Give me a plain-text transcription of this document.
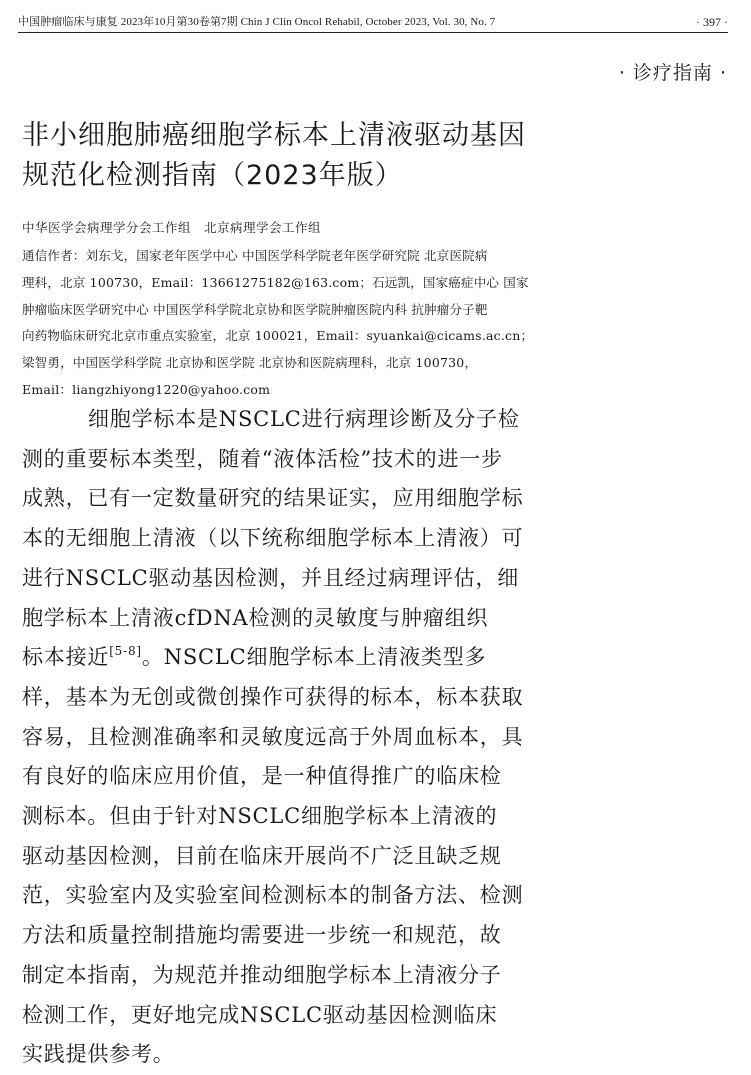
中国肿瘤临床与康复 2023年10月第30卷第7期 Chin J Clin Oncol Rehabil, October 2023, Vol. 30, No. 7	· 397 ·
· 诊疗指南 ·
非小细胞肺癌细胞学标本上清液驱动基因
规范化检测指南（2023年版）
中华医学会病理学分会工作组　北京病理学会工作组
通信作者：刘东戈，国家老年医学中心 中国医学科学院老年医学研究院 北京医院病
理科，北京 100730，Email：13661275182@163.com；石远凯，国家癌症中心 国家
肿瘤临床医学研究中心 中国医学科学院北京协和医学院肿瘤医院内科 抗肿瘤分子靶
向药物临床研究北京市重点实验室，北京 100021，Email：syuankai@cicams.ac.cn；
梁智勇，中国医学科学院 北京协和医学院 北京协和医院病理科，北京 100730，
Email：liangzhiyong1220@yahoo.com
细胞学标本是NSCLC进行病理诊断及分子检
测的重要标本类型，随着“液体活检”技术的进一步
成熟，已有一定数量研究的结果证实，应用细胞学标
本的无细胞上清液（以下统称细胞学标本上清液）可
进行NSCLC驱动基因检测，并且经过病理评估，细
胞学标本上清液cfDNA检测的灵敏度与肿瘤组织
标本接近[5-8]。NSCLC细胞学标本上清液类型多
样，基本为无创或微创操作可获得的标本，标本获取
容易，且检测准确率和灵敏度远高于外周血标本，具
有良好的临床应用价值，是一种值得推广的临床检
测标本。但由于针对NSCLC细胞学标本上清液的
驱动基因检测，目前在临床开展尚不广泛且缺乏规
范，实验室内及实验室间检测标本的制备方法、检测
方法和质量控制措施均需要进一步统一和规范，故
制定本指南，为规范并推动细胞学标本上清液分子
检测工作，更好地完成NSCLC驱动基因检测临床
实践提供参考。
